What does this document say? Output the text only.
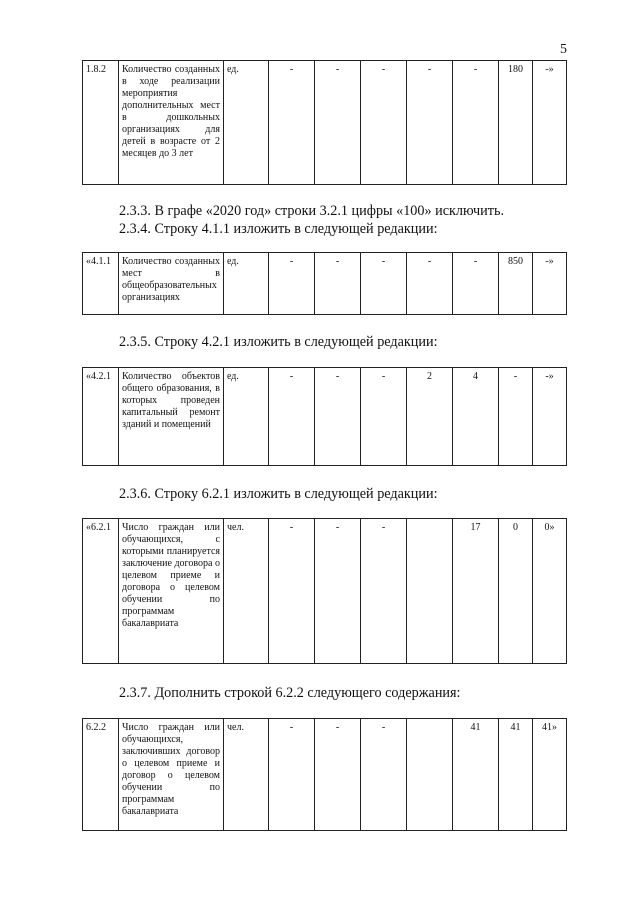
5
1.8.2	Количество созданных в ходе реализации мероприятия дополнительных мест в дошкольных организациях для детей в возрасте от 2 месяцев до 3 лет	ед.	-	-	-	-	-	180	-»
2.3.3. В графе «2020 год» строки 3.2.1 цифры «100» исключить.
2.3.4. Строку 4.1.1 изложить в следующей редакции:
«4.1.1	Количество созданных мест в общеобразовательных организациях	ед.	-	-	-	-	-	850	-»
2.3.5. Строку 4.2.1 изложить в следующей редакции:
«4.2.1	Количество объектов общего образования, в которых проведен капитальный ремонт зданий и помещений	ед.	-	-	-	2	4	-	-»
2.3.6. Строку 6.2.1 изложить в следующей редакции:
«6.2.1	Число граждан или обучающихся, с которыми планируется заключение договора о целевом приеме и договора о целевом обучении по программам бакалавриата	чел.	-	-	-		17	0	0»
2.3.7. Дополнить строкой 6.2.2 следующего содержания:
6.2.2	Число граждан или обучающихся, заключивших договор о целевом приеме и договор о целевом обучении по программам бакалавриата	чел.	-	-	-		41	41	41»
